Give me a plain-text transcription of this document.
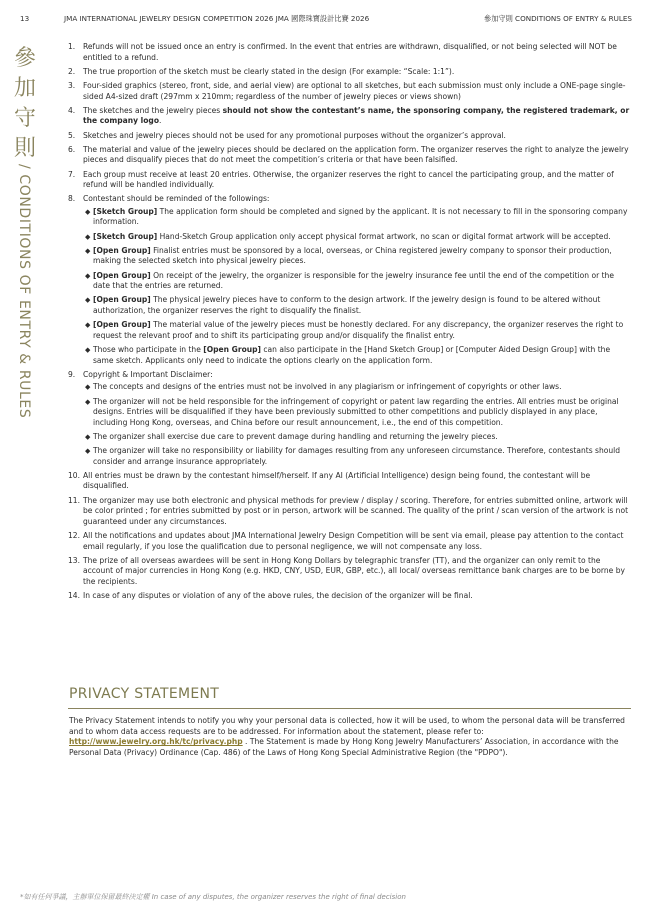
13	JMA INTERNATIONAL JEWELRY DESIGN COMPETITION 2026 JMA 國際珠寶設計比賽 2026	參加守則 CONDITIONS OF ENTRY & RULES
參
加
守
則
/ CONDITIONS OF ENTRY & RULES
1. Refunds will not be issued once an entry is confirmed. In the event that entries are withdrawn, disqualified, or not being selected will NOT be entitled to a refund.
2. The true proportion of the sketch must be clearly stated in the design (For example: “Scale: 1:1”).
3. Four-sided graphics (stereo, front, side, and aerial view) are optional to all sketches, but each submission must only include a ONE-page single-sided A4-sized draft (297mm x 210mm; regardless of the number of jewelry pieces or views shown)
4. The sketches and the jewelry pieces should not show the contestant’s name, the sponsoring company, the registered trademark, or the company logo.
5. Sketches and jewelry pieces should not be used for any promotional purposes without the organizer’s approval.
6. The material and value of the jewelry pieces should be declared on the application form. The organizer reserves the right to analyze the jewelry pieces and disqualify pieces that do not meet the competition’s criteria or that have been falsified.
7. Each group must receive at least 20 entries. Otherwise, the organizer reserves the right to cancel the participating group, and the matter of refund will be handled individually.
8. Contestant should be reminded of the followings:
◆ [Sketch Group] The application form should be completed and signed by the applicant. It is not necessary to fill in the sponsoring company information.
◆ [Sketch Group] Hand-Sketch Group application only accept physical format artwork, no scan or digital format artwork will be accepted.
◆ [Open Group] Finalist entries must be sponsored by a local, overseas, or China registered jewelry company to sponsor their production, making the selected sketch into physical jewelry pieces.
◆ [Open Group] On receipt of the jewelry, the organizer is responsible for the jewelry insurance fee until the end of the competition or the date that the entries are returned.
◆ [Open Group] The physical jewelry pieces have to conform to the design artwork. If the jewelry design is found to be altered without authorization, the organizer reserves the right to disqualify the finalist.
◆ [Open Group] The material value of the jewelry pieces must be honestly declared. For any discrepancy, the organizer reserves the right to request the relevant proof and to shift its participating group and/or disqualify the finalist entry.
◆ Those who participate in the [Open Group] can also participate in the [Hand Sketch Group] or [Computer Aided Design Group] with the same sketch. Applicants only need to indicate the options clearly on the application form.
9. Copyright & Important Disclaimer:
◆ The concepts and designs of the entries must not be involved in any plagiarism or infringement of copyrights or other laws.
◆ The organizer will not be held responsible for the infringement of copyright or patent law regarding the entries. All entries must be original designs. Entries will be disqualified if they have been previously submitted to other competitions and publicly displayed in any place, including Hong Kong, overseas, and China before our result announcement, i.e., the end of this competition.
◆ The organizer shall exercise due care to prevent damage during handling and returning the jewelry pieces.
◆ The organizer will take no responsibility or liability for damages resulting from any unforeseen circumstance. Therefore, contestants should consider and arrange insurance appropriately.
10. All entries must be drawn by the contestant himself/herself. If any AI (Artificial Intelligence) design being found, the contestant will be disqualified.
11. The organizer may use both electronic and physical methods for preview / display / scoring. Therefore, for entries submitted online, artwork will be color printed ; for entries submitted by post or in person, artwork will be scanned. The quality of the print / scan version of the artwork is not guaranteed under any circumstances.
12. All the notifications and updates about JMA International Jewelry Design Competition will be sent via email, please pay attention to the contact email regularly, if you lose the qualification due to personal negligence, we will not compensate any loss.
13. The prize of all overseas awardees will be sent in Hong Kong Dollars by telegraphic transfer (TT), and the organizer can only remit to the account of major currencies in Hong Kong (e.g. HKD, CNY, USD, EUR, GBP, etc.), all local/ overseas remittance bank charges are to be borne by the recipients.
14. In case of any disputes or violation of any of the above rules, the decision of the organizer will be final.
PRIVACY STATEMENT
The Privacy Statement intends to notify you why your personal data is collected, how it will be used, to whom the personal data will be transferred and to whom data access requests are to be addressed. For information about the statement, please refer to: http://www.jewelry.org.hk/tc/privacy.php . The Statement is made by Hong Kong Jewelry Manufacturers’ Association, in accordance with the Personal Data (Privacy) Ordinance (Cap. 486) of the Laws of Hong Kong Special Administrative Region (the "PDPO").
*如有任何爭議，主辦單位保留最終決定權 In case of any disputes, the organizer reserves the right of final decision
